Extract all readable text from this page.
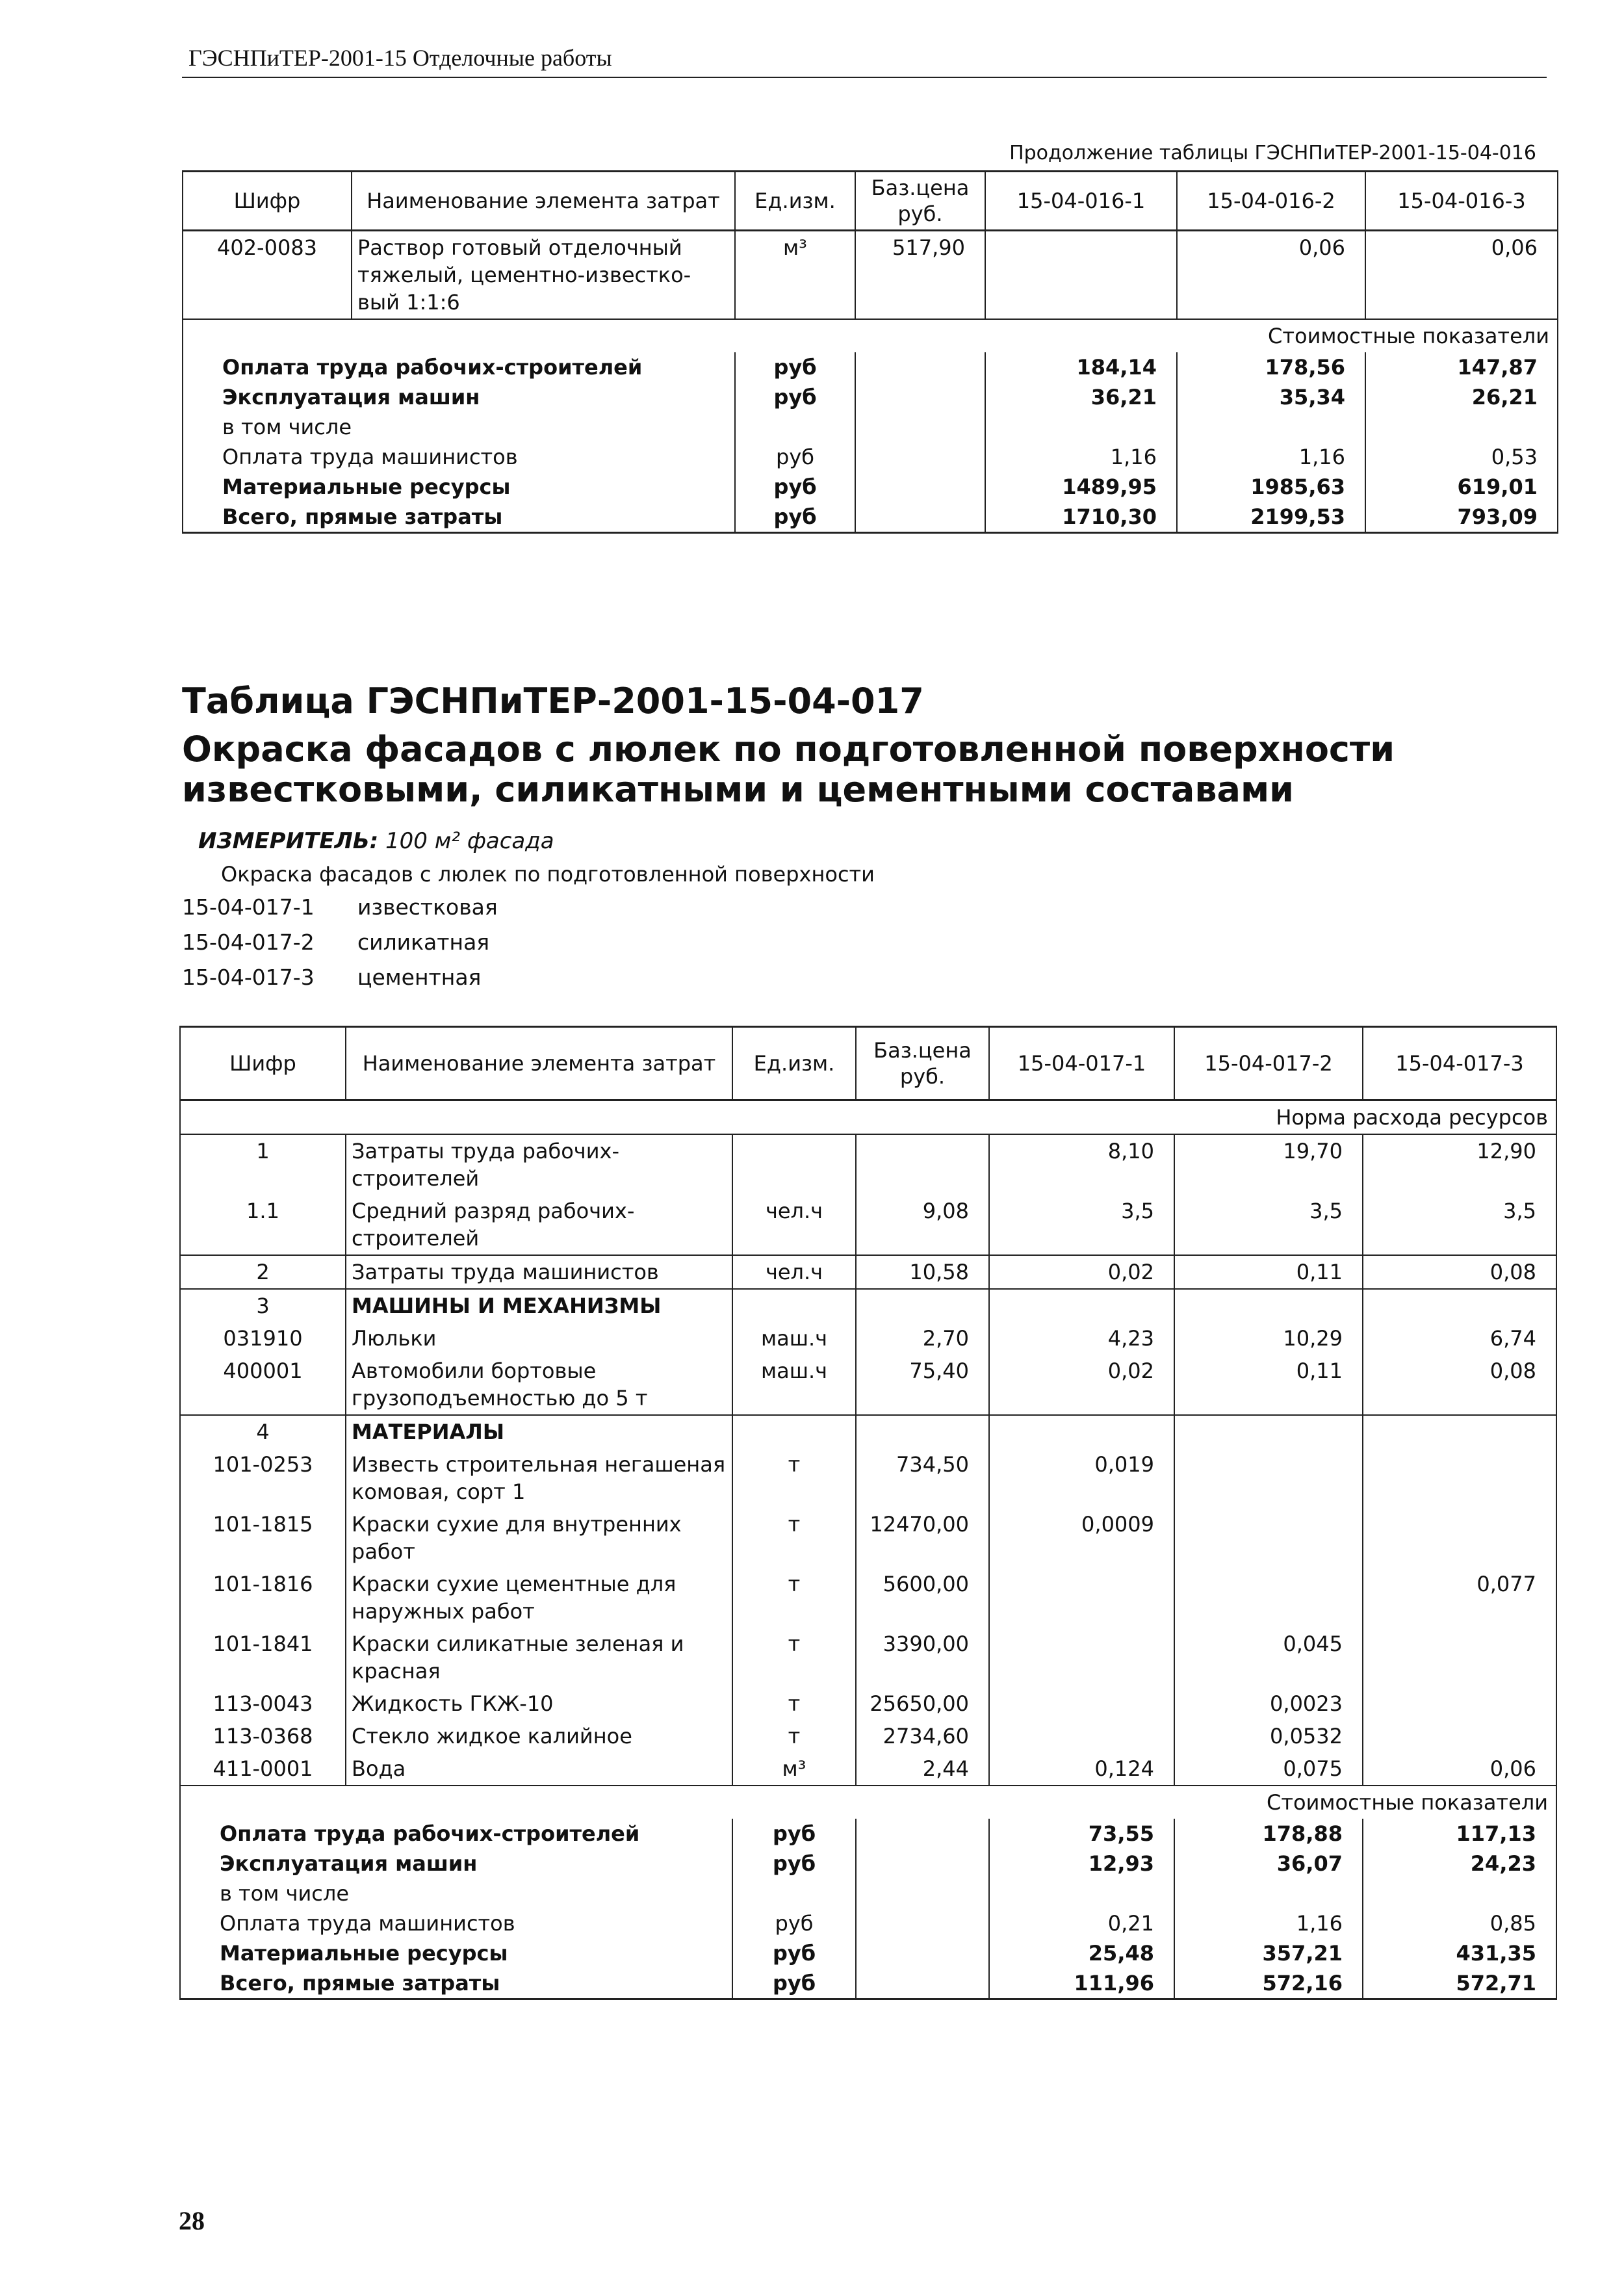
ГЭСНПиТЕР-2001-15 Отделочные работы
Продолжение таблицы ГЭСНПиТЕР-2001-15-04-016
Шифр	Наименование элемента затрат	Ед.изм.	Баз.цена руб.	15-04-016-1	15-04-016-2	15-04-016-3
402-0083	Раствор готовый отделочный тяжелый, цементно-известко-вый 1:1:6	м³	517,90		0,06	0,06
Стоимостные показатели						
Оплата труда рабочих-строителей		руб		184,14	178,56	147,87
Эксплуатация машин		руб		36,21	35,34	26,21
в том числе						
Оплата труда машинистов		руб		1,16	1,16	0,53
Материальные ресурсы		руб		1489,95	1985,63	619,01
Всего, прямые затраты		руб		1710,30	2199,53	793,09
Таблица ГЭСНПиТЕР-2001-15-04-017
Окраска фасадов с люлек по подготовленной поверхности
известковыми, силикатными и цементными составами
ИЗМЕРИТЕЛЬ: 100 м² фасада
Окраска фасадов с люлек по подготовленной поверхности
15-04-017-1 известковая
15-04-017-2 силикатная
15-04-017-3 цементная
Шифр	Наименование элемента затрат	Ед.изм.	Баз.цена руб.	15-04-017-1	15-04-017-2	15-04-017-3
Норма расхода ресурсов						
1	Затраты труда рабочих-строителей			8,10	19,70	12,90
1.1	Средний разряд рабочих-строителей	чел.ч	9,08	3,5	3,5	3,5
2	Затраты труда машинистов	чел.ч	10,58	0,02	0,11	0,08
3	МАШИНЫ И МЕХАНИЗМЫ					
031910	Люльки	маш.ч	2,70	4,23	10,29	6,74
400001	Автомобили бортовые грузоподъемностью до 5 т	маш.ч	75,40	0,02	0,11	0,08
4	МАТЕРИАЛЫ					
101-0253	Известь строительная негашеная комовая, сорт 1	т	734,50	0,019		
101-1815	Краски сухие для внутренних работ	т	12470,00	0,0009		
101-1816	Краски сухие цементные для наружных работ	т	5600,00			0,077
101-1841	Краски силикатные зеленая и красная	т	3390,00		0,045	
113-0043	Жидкость ГКЖ-10	т	25650,00		0,0023	
113-0368	Стекло жидкое калийное	т	2734,60		0,0532	
411-0001	Вода	м³	2,44	0,124	0,075	0,06
Стоимостные показатели						
Оплата труда рабочих-строителей		руб		73,55	178,88	117,13
Эксплуатация машин		руб		12,93	36,07	24,23
в том числе						
Оплата труда машинистов		руб		0,21	1,16	0,85
Материальные ресурсы		руб		25,48	357,21	431,35
Всего, прямые затраты		руб		111,96	572,16	572,71
28
